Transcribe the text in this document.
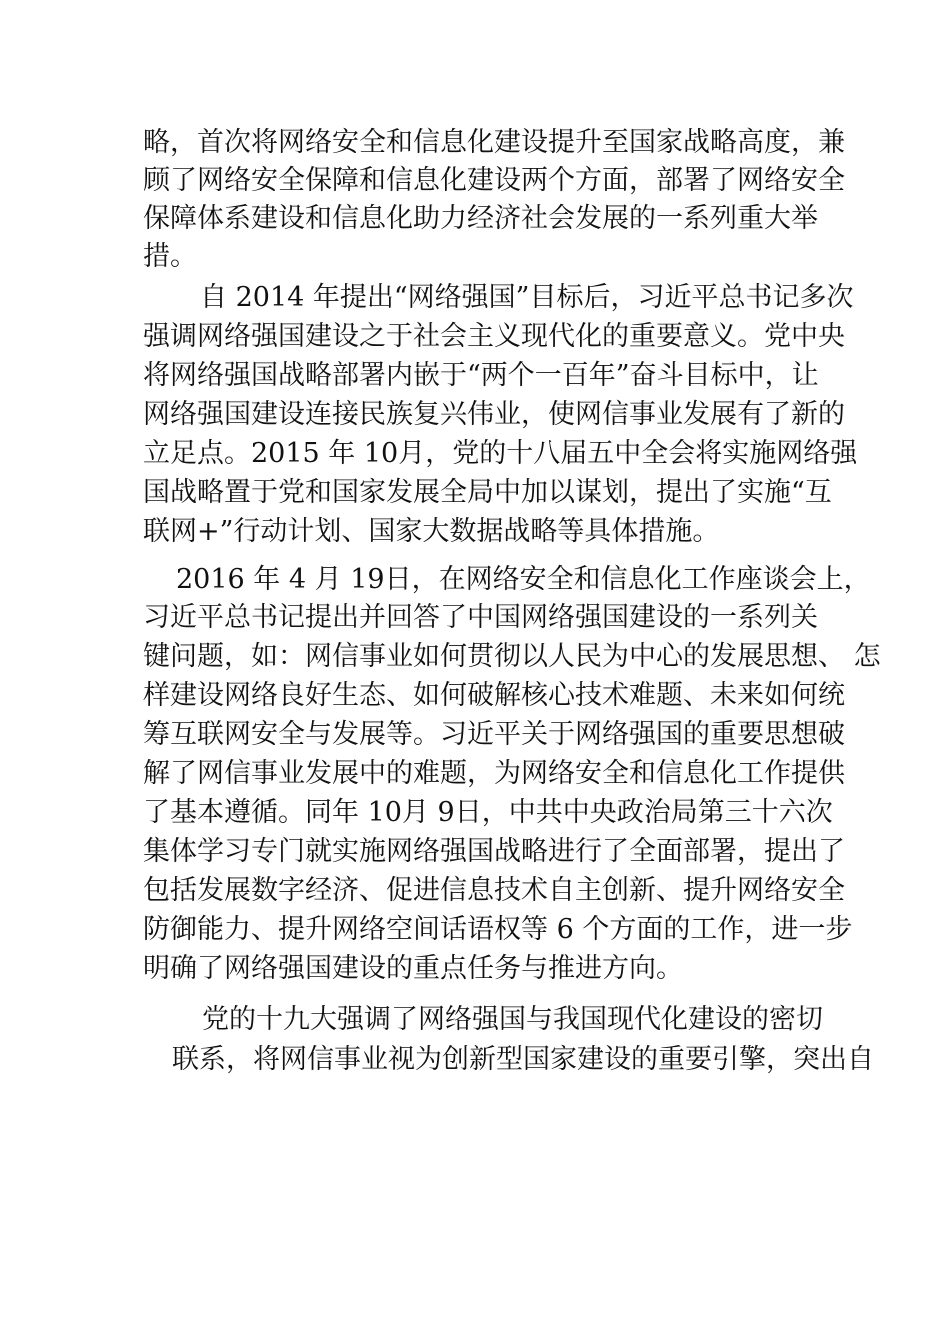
略，首次将网络安全和信息化建设提升至国家战略高度，兼
顾了网络安全保障和信息化建设两个方面，部署了网络安全
保障体系建设和信息化助力经济社会发展的一系列重大举
措。
自 2014 年提出“网络强国”目标后，习近平总书记多次
强调网络强国建设之于社会主义现代化的重要意义。党中央
将网络强国战略部署内嵌于“两个一百年”奋斗目标中，让
网络强国建设连接民族复兴伟业，使网信事业发展有了新的
立足点。2015 年 10月，党的十八届五中全会将实施网络强
国战略置于党和国家发展全局中加以谋划，提出了实施“互
联网+”行动计划、国家大数据战略等具体措施。
2016 年 4 月 19日，在网络安全和信息化工作座谈会上，
习近平总书记提出并回答了中国网络强国建设的一系列关
键问题，如：网信事业如何贯彻以人民为中心的发展思想、 怎
样建设网络良好生态、如何破解核心技术难题、未来如何统
筹互联网安全与发展等。习近平关于网络强国的重要思想破
解了网信事业发展中的难题，为网络安全和信息化工作提供
了基本遵循。同年 10月 9日，中共中央政治局第三十六次
集体学习专门就实施网络强国战略进行了全面部署，提出了
包括发展数字经济、促进信息技术自主创新、提升网络安全
防御能力、提升网络空间话语权等 6 个方面的工作，进一步
明确了网络强国建设的重点任务与推进方向。
党的十九大强调了网络强国与我国现代化建设的密切
联系，将网信事业视为创新型国家建设的重要引擎，突出自
